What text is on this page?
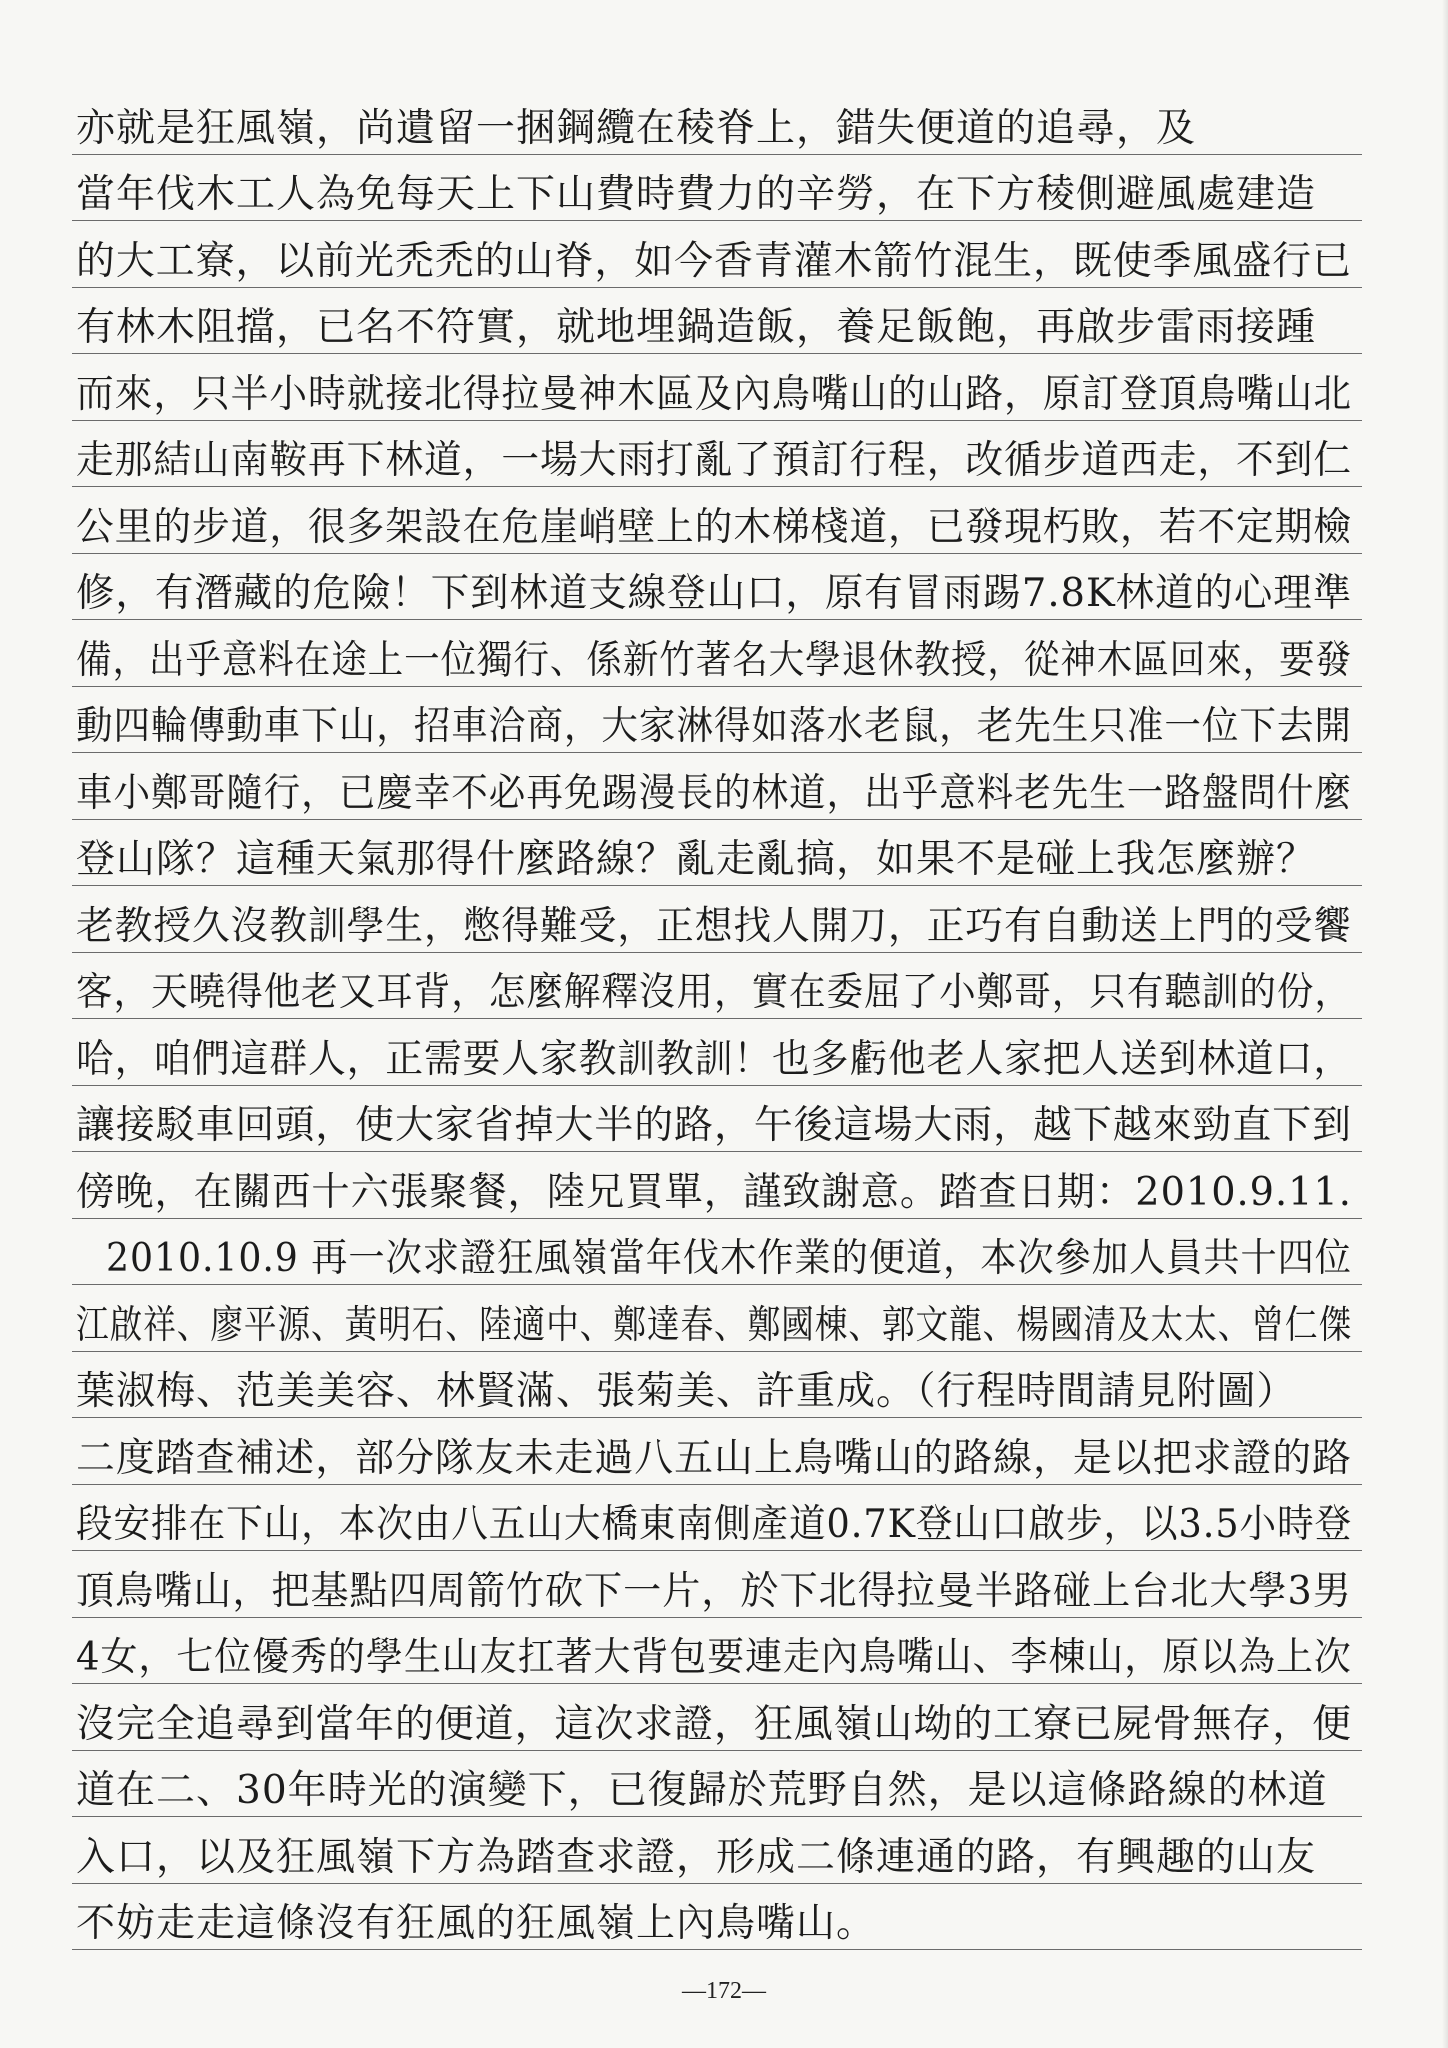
亦就是狂風嶺，尚遺留一捆鋼纜在稜脊上，錯失便道的追尋，及
當年伐木工人為免每天上下山費時費力的辛勞，在下方稜側避風處建造
的大工寮，以前光禿禿的山脊，如今香青灌木箭竹混生，既使季風盛行已
有林木阻擋，已名不符實，就地埋鍋造飯，養足飯飽，再啟步雷雨接踵
而來，只半小時就接北得拉曼神木區及內鳥嘴山的山路，原訂登頂鳥嘴山北
走那結山南鞍再下林道，一場大雨打亂了預訂行程，改循步道西走，不到仁
公里的步道，很多架設在危崖峭壁上的木梯棧道，已發現朽敗，若不定期檢
修，有潛藏的危險！下到林道支線登山口，原有冒雨踢7.8K林道的心理準
備，出乎意料在途上一位獨行、係新竹著名大學退休教授，從神木區回來，要發
動四輪傳動車下山，招車洽商，大家淋得如落水老鼠，老先生只准一位下去開
車小鄭哥隨行，已慶幸不必再免踢漫長的林道，出乎意料老先生一路盤問什麼
登山隊？這種天氣那得什麼路線？亂走亂搞，如果不是碰上我怎麼辦？
老教授久沒教訓學生，憋得難受，正想找人開刀，正巧有自動送上門的受饗
客，天曉得他老又耳背，怎麼解釋沒用，實在委屈了小鄭哥，只有聽訓的份，
哈，咱們這群人，正需要人家教訓教訓！也多虧他老人家把人送到林道口，
讓接駁車回頭，使大家省掉大半的路，午後這場大雨，越下越來勁直下到
傍晚，在關西十六張聚餐，陸兄買單，謹致謝意。踏查日期：2010.9.11.
2010.10.9 再一次求證狂風嶺當年伐木作業的便道，本次參加人員共十四位
江啟祥、廖平源、黃明石、陸適中、鄭達春、鄭國棟、郭文龍、楊國清及太太、曾仁傑
葉淑梅、范美美容、林賢滿、張菊美、許重成。（行程時間請見附圖）
二度踏查補述，部分隊友未走過八五山上鳥嘴山的路線，是以把求證的路
段安排在下山，本次由八五山大橋東南側產道0.7K登山口啟步，以3.5小時登
頂鳥嘴山，把基點四周箭竹砍下一片，於下北得拉曼半路碰上台北大學3男
4女，七位優秀的學生山友扛著大背包要連走內鳥嘴山、李棟山，原以為上次
沒完全追尋到當年的便道，這次求證，狂風嶺山坳的工寮已屍骨無存，便
道在二、30年時光的演變下，已復歸於荒野自然，是以這條路線的林道
入口，以及狂風嶺下方為踏查求證，形成二條連通的路，有興趣的山友
不妨走走這條沒有狂風的狂風嶺上內鳥嘴山。
—172—
